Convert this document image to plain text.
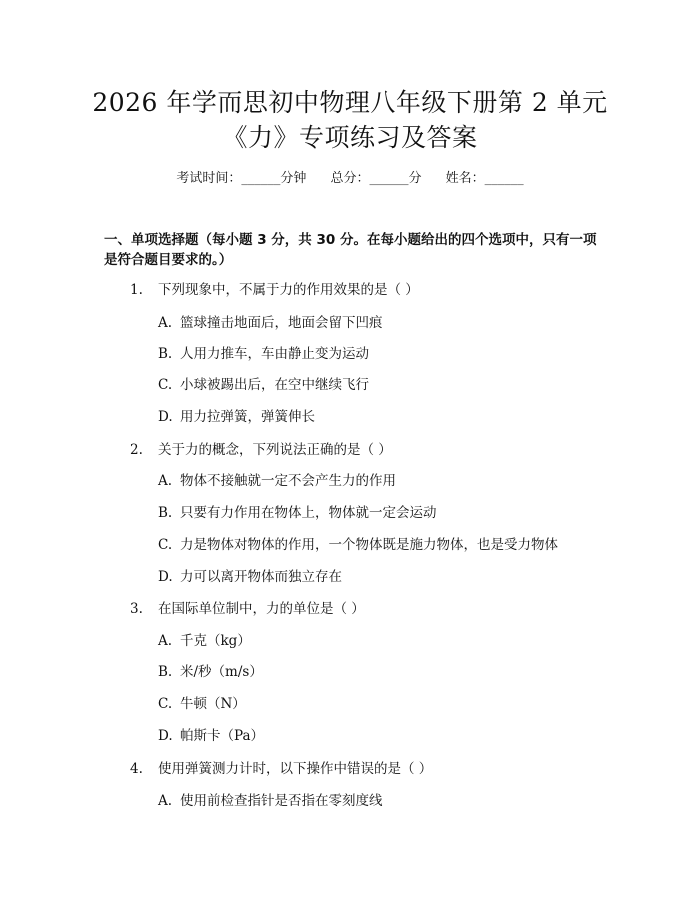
2026 年学而思初中物理八年级下册第 2 单元
《力》专项练习及答案
考试时间：______分钟 总分：______分 姓名：______
一、单项选择题（每小题 3 分，共 30 分。在每小题给出的四个选项中，只有一项
是符合题目要求的。）
1. 下列现象中，不属于力的作用效果的是（ ）
A. 篮球撞击地面后，地面会留下凹痕
B. 人用力推车，车由静止变为运动
C. 小球被踢出后，在空中继续飞行
D. 用力拉弹簧，弹簧伸长
2. 关于力的概念，下列说法正确的是（ ）
A. 物体不接触就一定不会产生力的作用
B. 只要有力作用在物体上，物体就一定会运动
C. 力是物体对物体的作用，一个物体既是施力物体，也是受力物体
D. 力可以离开物体而独立存在
3. 在国际单位制中，力的单位是（ ）
A. 千克（kg）
B. 米/秒（m/s）
C. 牛顿（N）
D. 帕斯卡（Pa）
4. 使用弹簧测力计时，以下操作中错误的是（ ）
A. 使用前检查指针是否指在零刻度线
